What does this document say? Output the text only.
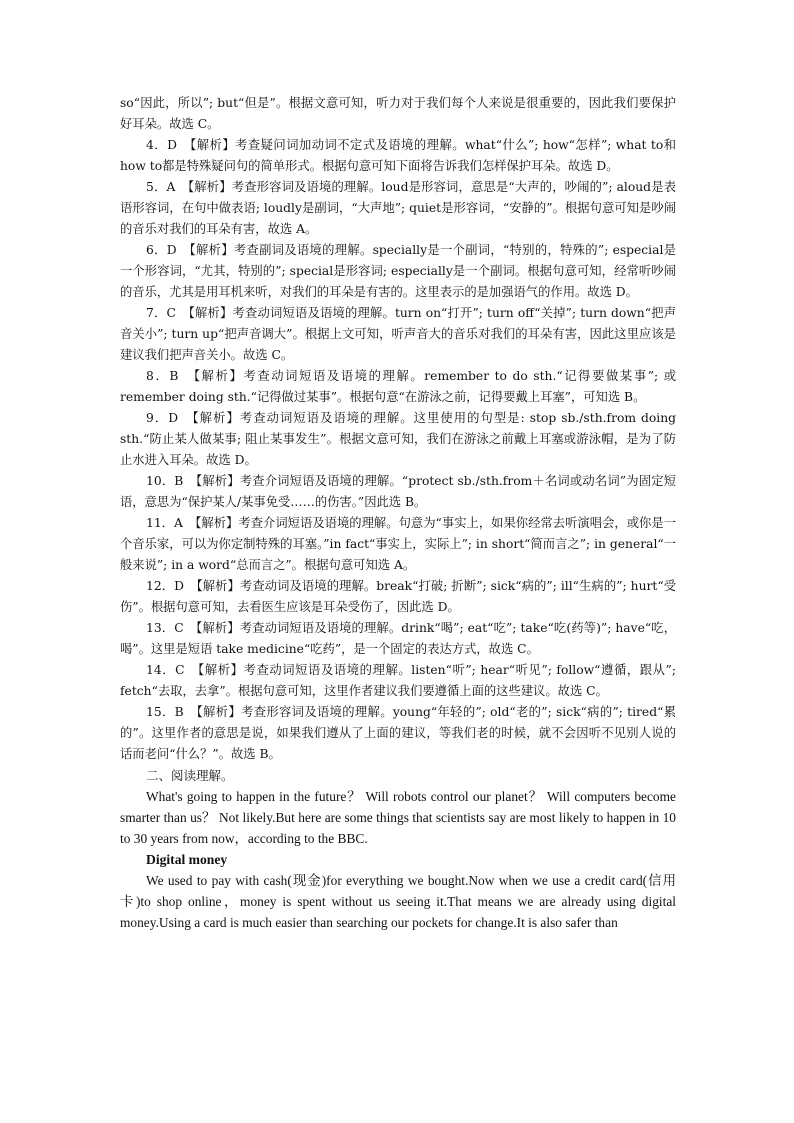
so“因此，所以”; but“但是”。根据文意可知，听力对于我们每个人来说是很重要的，因此我们要保护好耳朵。故选 C。

4．D　【解析】考查疑问词加动词不定式及语境的理解。what“什么”; how“怎样”; what to和 how to都是特殊疑问句的简单形式。根据句意可知下面将告诉我们怎样保护耳朵。故选 D。

5．A　【解析】考查形容词及语境的理解。loud是形容词，意思是“大声的，吵闹的”; aloud是表语形容词，在句中做表语; loudly是副词，“大声地”; quiet是形容词，“安静的”。根据句意可知是吵闹的音乐对我们的耳朵有害，故选 A。

6．D　【解析】考查副词及语境的理解。specially是一个副词，“特别的，特殊的”; especial是一个形容词，“尤其，特别的”; special是形容词; especially是一个副词。根据句意可知，经常听吵闹的音乐，尤其是用耳机来听，对我们的耳朵是有害的。这里表示的是加强语气的作用。故选 D。

7．C　【解析】考查动词短语及语境的理解。turn on“打开”; turn off“关掉”; turn down“把声音关小”; turn up“把声音调大”。根据上文可知，听声音大的音乐对我们的耳朵有害，因此这里应该是建议我们把声音关小。故选 C。

8．B　【解析】考查动词短语及语境的理解。remember to do sth.“记得要做某事”; 或 remember doing sth.“记得做过某事”。根据句意“在游泳之前，记得要戴上耳塞”，可知选 B。

9．D　【解析】考查动词短语及语境的理解。这里使用的句型是: stop sb./sth.from doing sth.“防止某人做某事; 阻止某事发生”。根据文意可知，我们在游泳之前戴上耳塞或游泳帽，是为了防止水进入耳朵。故选 D。

10．B　【解析】考查介词短语及语境的理解。“protect sb./sth.from＋名词或动名词”为固定短语，意思为“保护某人/某事免受……的伤害。”因此选 B。

11．A　【解析】考查介词短语及语境的理解。句意为“事实上，如果你经常去听演唱会，或你是一个音乐家，可以为你定制特殊的耳塞。”in fact“事实上，实际上”; in short“简而言之”; in general“一般来说”; in a word“总而言之”。根据句意可知选 A。

12．D　【解析】考查动词及语境的理解。break“打破; 折断”; sick“病的”; ill“生病的”; hurt“受伤”。根据句意可知，去看医生应该是耳朵受伤了，因此选 D。

13．C　【解析】考查动词短语及语境的理解。drink“喝”; eat“吃”; take“吃(药等)”; have“吃，喝”。这里是短语 take medicine“吃药”，是一个固定的表达方式，故选 C。

14．C　【解析】考查动词短语及语境的理解。listen“听”; hear“听见”; follow“遵循，跟从”; fetch“去取，去拿”。根据句意可知，这里作者建议我们要遵循上面的这些建议。故选 C。

15．B　【解析】考查形容词及语境的理解。young“年轻的”; old“老的”; sick“病的”; tired“累的”。这里作者的意思是说，如果我们遵从了上面的建议，等我们老的时候，就不会因听不见别人说的话而老问“什么？”。故选 B。

二、阅读理解。

What's going to happen in the future？ Will robots control our planet？ Will computers become smarter than us？ Not likely.But here are some things that scientists say are most likely to happen in 10 to 30 years from now，according to the BBC.

Digital money

We used to pay with cash(现金)for everything we bought.Now when we use a credit card(信用卡)to shop online，money is spent without us seeing it.That means we are already using digital money.Using a card is much easier than searching our pockets for change.It is also safer than
